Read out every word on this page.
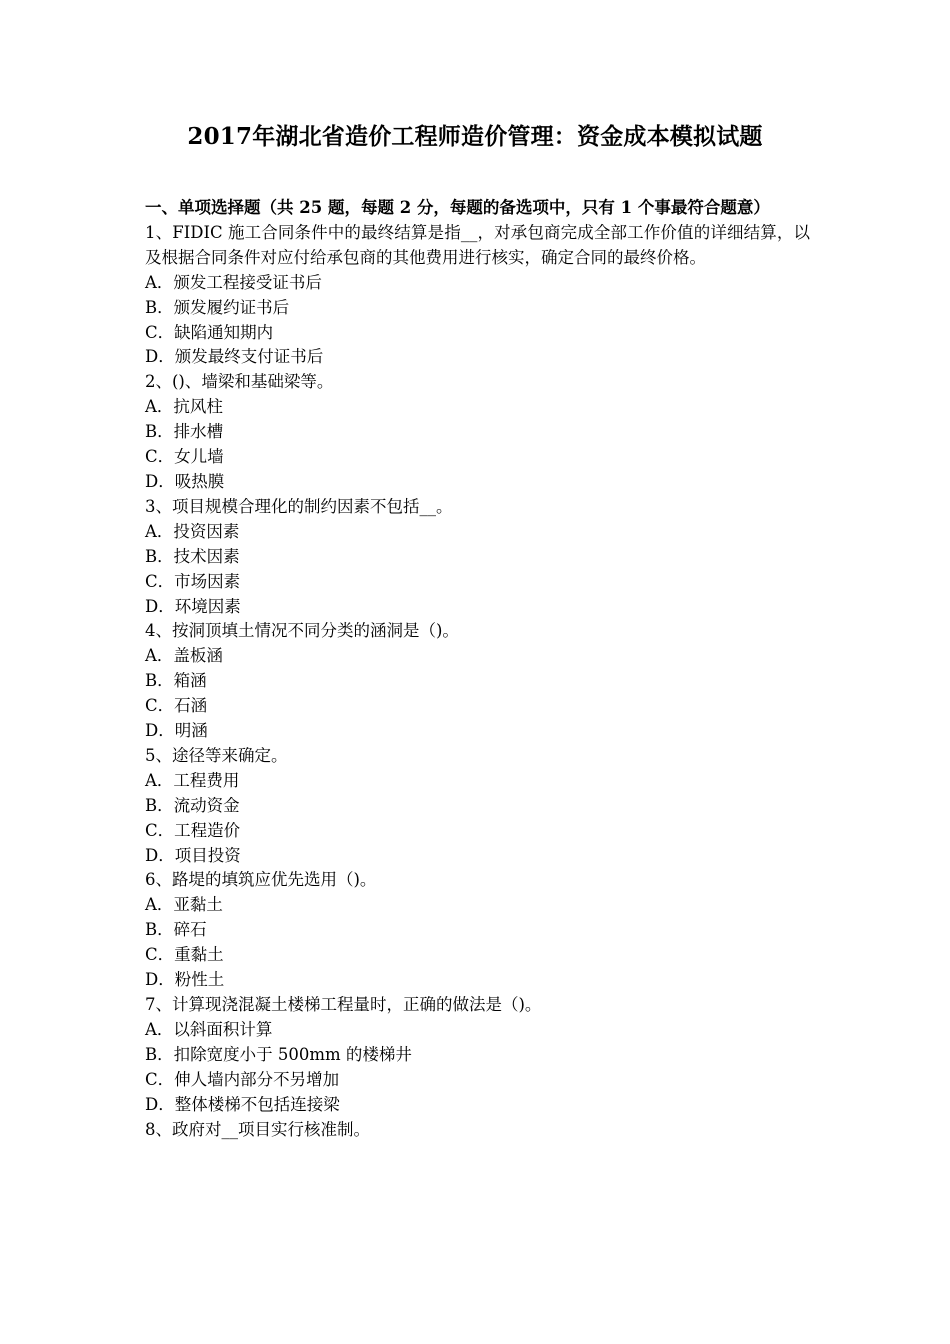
2017年湖北省造价工程师造价管理：资金成本模拟试题

一、单项选择题（共 25 题，每题 2 分，每题的备选项中，只有 1 个事最符合题意）

1、FIDIC 施工合同条件中的最终结算是指__，对承包商完成全部工作价值的详细结算，以及根据合同条件对应付给承包商的其他费用进行核实，确定合同的最终价格。

A．颁发工程接受证书后

B．颁发履约证书后

C．缺陷通知期内

D．颁发最终支付证书后

2、()、墙梁和基础梁等。

A．抗风柱

B．排水槽

C．女儿墙

D．吸热膜

3、项目规模合理化的制约因素不包括__。

A．投资因素

B．技术因素

C．市场因素

D．环境因素

4、按洞顶填土情况不同分类的涵洞是（)。

A．盖板涵

B．箱涵

C．石涵

D．明涵

5、途径等来确定。

A．工程费用

B．流动资金

C．工程造价

D．项目投资

6、路堤的填筑应优先选用（)。

A．亚黏土

B．碎石

C．重黏土

D．粉性土

7、计算现浇混凝土楼梯工程量时，正确的做法是（)。

A．以斜面积计算

B．扣除宽度小于 500mm 的楼梯井

C．伸人墙内部分不另增加

D．整体楼梯不包括连接梁

8、政府对__项目实行核准制。
